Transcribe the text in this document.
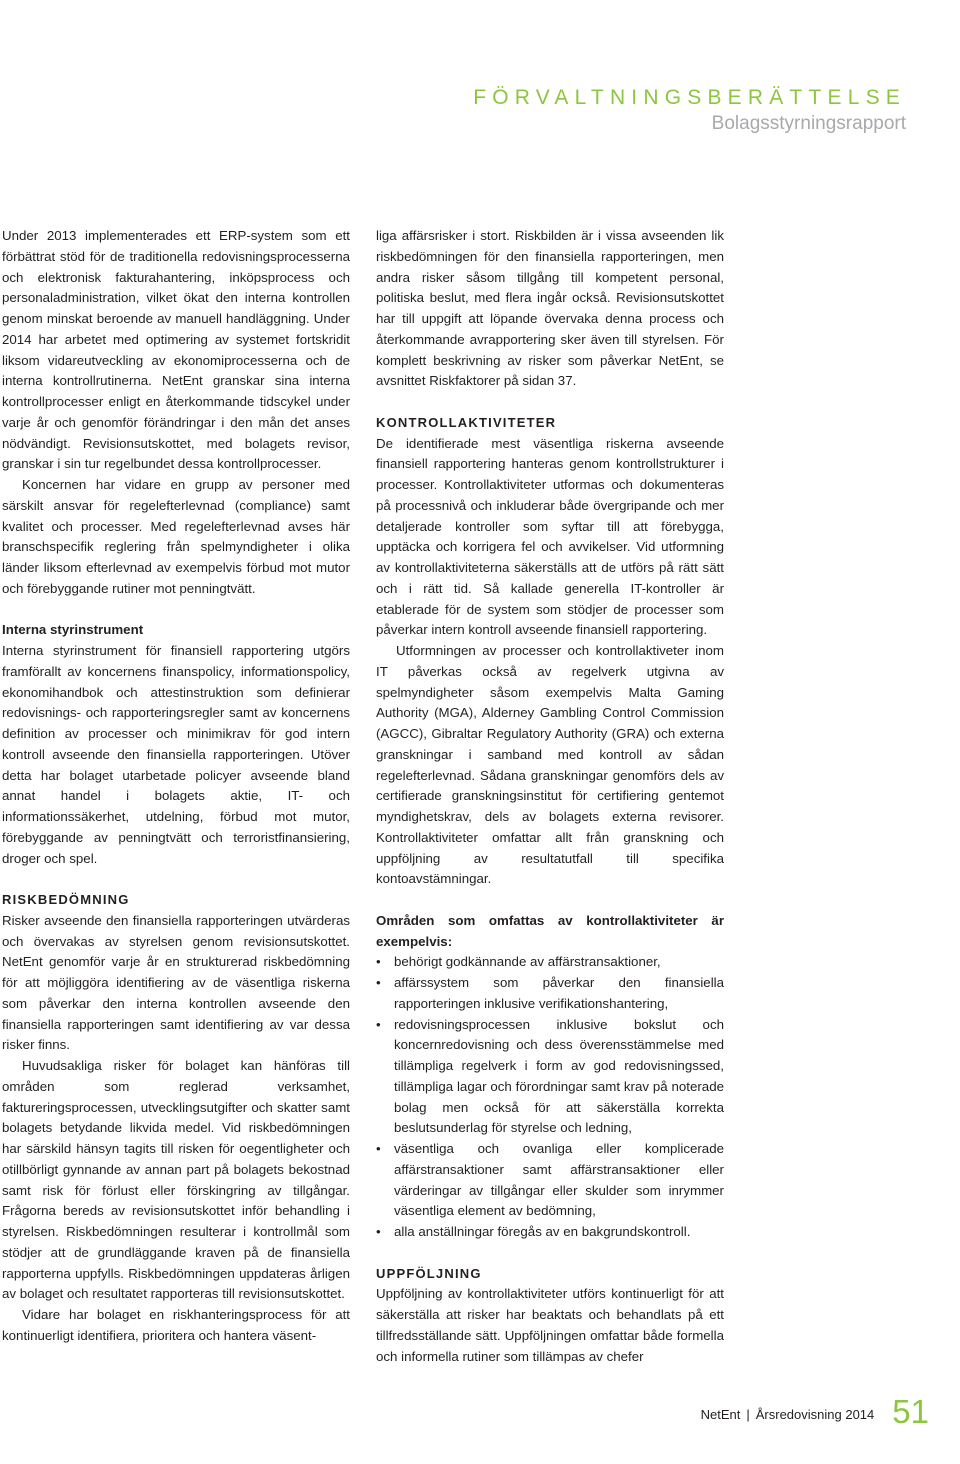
FÖRVALTNINGSBERÄTTELSE
Bolagsstyrningsrapport

Under 2013 implementerades ett ERP-system som ett förbättrat stöd för de traditionella redovisningsprocesserna och elektronisk fakturahantering, inköpsprocess och personaladministration, vilket ökat den interna kontrollen genom minskat beroende av manuell handläggning. Under 2014 har arbetet med optimering av systemet fortskridit liksom vidareutveckling av ekonomiprocesserna och de interna kontrollrutinerna. NetEnt granskar sina interna kontrollprocesser enligt en återkommande tidscykel under varje år och genomför förändringar i den mån det anses nödvändigt. Revisionsutskottet, med bolagets revisor, granskar i sin tur regelbundet dessa kontrollprocesser.

Koncernen har vidare en grupp av personer med särskilt ansvar för regelefterlevnad (compliance) samt kvalitet och processer. Med regelefterlevnad avses här branschspecifik reglering från spelmyndigheter i olika länder liksom efterlevnad av exempelvis förbud mot mutor och förebyggande rutiner mot penningtvätt.

Interna styrinstrument

Interna styrinstrument för finansiell rapportering utgörs framförallt av koncernens finanspolicy, informationspolicy, ekonomihandbok och attestinstruktion som definierar redovisnings- och rapporteringsregler samt av koncernens definition av processer och minimikrav för god intern kontroll avseende den finansiella rapporteringen. Utöver detta har bolaget utarbetade policyer avseende bland annat handel i bolagets aktie, IT- och informationssäkerhet, utdelning, förbud mot mutor, förebyggande av penningtvätt och terroristfinansiering, droger och spel.

RISKBEDÖMNING

Risker avseende den finansiella rapporteringen utvärderas och övervakas av styrelsen genom revisionsutskottet. NetEnt genomför varje år en strukturerad riskbedömning för att möjliggöra identifiering av de väsentliga riskerna som påverkar den interna kontrollen avseende den finansiella rapporteringen samt identifiering av var dessa risker finns.

Huvudsakliga risker för bolaget kan hänföras till områden som reglerad verksamhet, faktureringsprocessen, utvecklingsutgifter och skatter samt bolagets betydande likvida medel. Vid riskbedömningen har särskild hänsyn tagits till risken för oegentligheter och otillbörligt gynnande av annan part på bolagets bekostnad samt risk för förlust eller förskingring av tillgångar. Frågorna bereds av revisionsutskottet inför behandling i styrelsen. Riskbedömningen resulterar i kontrollmål som stödjer att de grundläggande kraven på de finansiella rapporterna uppfylls. Riskbedömningen uppdateras årligen av bolaget och resultatet rapporteras till revisionsutskottet.

Vidare har bolaget en riskhanteringsprocess för att kontinuerligt identifiera, prioritera och hantera väsent-

liga affärsrisker i stort. Riskbilden är i vissa avseenden lik riskbedömningen för den finansiella rapporteringen, men andra risker såsom tillgång till kompetent personal, politiska beslut, med flera ingår också. Revisionsutskottet har till uppgift att löpande övervaka denna process och återkommande avrapportering sker även till styrelsen. För komplett beskrivning av risker som påverkar NetEnt, se avsnittet Riskfaktorer på sidan 37.

KONTROLLAKTIVITETER

De identifierade mest väsentliga riskerna avseende finansiell rapportering hanteras genom kontrollstrukturer i processer. Kontrollaktiviteter utformas och dokumenteras på processnivå och inkluderar både övergripande och mer detaljerade kontroller som syftar till att förebygga, upptäcka och korrigera fel och avvikelser. Vid utformning av kontrollaktiviteterna säkerställs att de utförs på rätt sätt och i rätt tid. Så kallade generella IT-kontroller är etablerade för de system som stödjer de processer som påverkar intern kontroll avseende finansiell rapportering.

Utformningen av processer och kontrollaktiveter inom IT påverkas också av regelverk utgivna av spelmyndigheter såsom exempelvis Malta Gaming Authority (MGA), Alderney Gambling Control Commission (AGCC), Gibraltar Regulatory Authority (GRA) och externa granskningar i samband med kontroll av sådan regelefterlevnad. Sådana granskningar genomförs dels av certifierade granskningsinstitut för certifiering gentemot myndighetskrav, dels av bolagets externa revisorer. Kontrollaktiviteter omfattar allt från granskning och uppföljning av resultatutfall till specifika kontoavstämningar.

Områden som omfattas av kontrollaktiviteter är exempelvis:

• behörigt godkännande av affärstransaktioner,
• affärssystem som påverkar den finansiella rapporteringen inklusive verifikationshantering,
• redovisningsprocessen inklusive bokslut och koncernredovisning och dess överensstämmelse med tillämpliga regelverk i form av god redovisningssed, tillämpliga lagar och förordningar samt krav på noterade bolag men också för att säkerställa korrekta beslutsunderlag för styrelse och ledning,
• väsentliga och ovanliga eller komplicerade affärstransaktioner samt affärstransaktioner eller värderingar av tillgångar eller skulder som inrymmer väsentliga element av bedömning,
• alla anställningar föregås av en bakgrundskontroll.

UPPFÖLJNING

Uppföljning av kontrollaktiviteter utförs kontinuerligt för att säkerställa att risker har beaktats och behandlats på ett tillfredsställande sätt. Uppföljningen omfattar både formella och informella rutiner som tillämpas av chefer

NetEnt | Årsredovisning 2014 51
